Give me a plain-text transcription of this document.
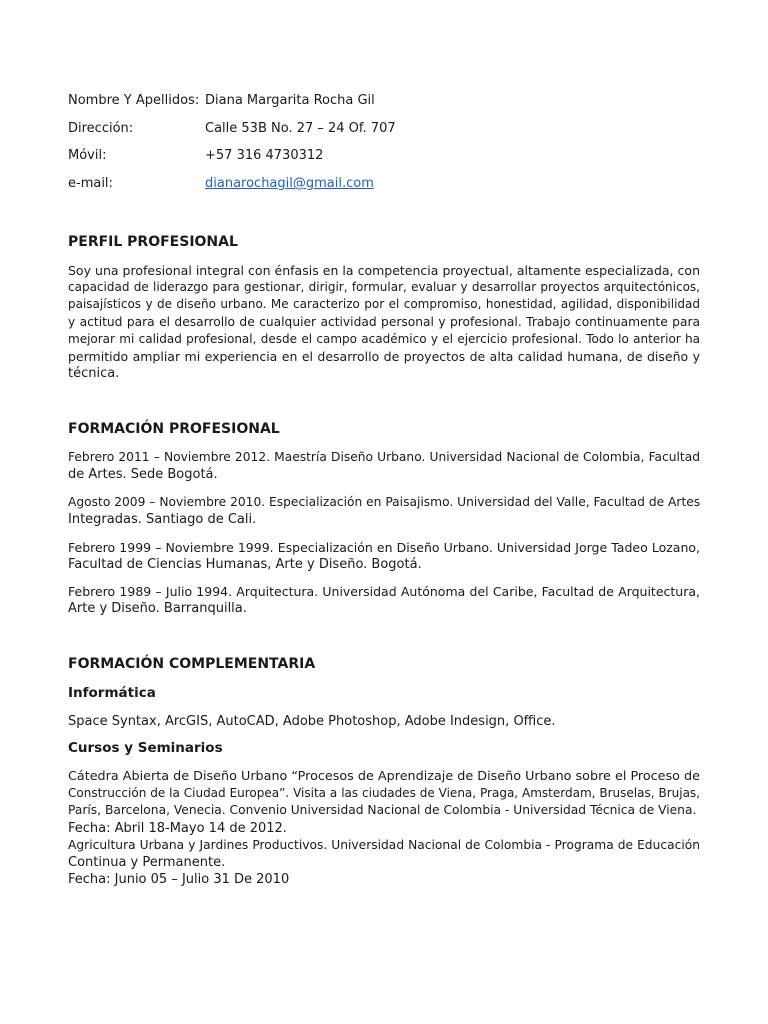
Nombre Y Apellidos: Diana Margarita Rocha Gil
Dirección:	Calle 53B No. 27 – 24 Of. 707
Móvil:	+57 316 4730312
e-mail:	dianarochagil@gmail.com
PERFIL PROFESIONAL
Soy una profesional integral con énfasis en la competencia proyectual, altamente especializada, con
capacidad de liderazgo para gestionar, dirigir, formular, evaluar y desarrollar proyectos arquitectónicos,
paisajísticos y de diseño urbano. Me caracterizo por el compromiso, honestidad, agilidad, disponibilidad
y actitud para el desarrollo de cualquier actividad personal y profesional. Trabajo continuamente para
mejorar mi calidad profesional, desde el campo académico y el ejercicio profesional. Todo lo anterior ha
permitido ampliar mi experiencia en el desarrollo de proyectos de alta calidad humana, de diseño y
técnica.
FORMACIÓN PROFESIONAL
Febrero 2011 – Noviembre 2012. Maestría Diseño Urbano. Universidad Nacional de Colombia, Facultad
de Artes. Sede Bogotá.
Agosto 2009 – Noviembre 2010. Especialización en Paisajismo. Universidad del Valle, Facultad de Artes
Integradas. Santiago de Cali.
Febrero 1999 – Noviembre 1999. Especialización en Diseño Urbano. Universidad Jorge Tadeo Lozano,
Facultad de Ciencias Humanas, Arte y Diseño. Bogotá.
Febrero 1989 – Julio 1994. Arquitectura. Universidad Autónoma del Caribe, Facultad de Arquitectura,
Arte y Diseño. Barranquilla.
FORMACIÓN COMPLEMENTARIA
Informática
Space Syntax, ArcGIS, AutoCAD, Adobe Photoshop, Adobe Indesign, Office.
Cursos y Seminarios
Cátedra Abierta de Diseño Urbano “Procesos de Aprendizaje de Diseño Urbano sobre el Proceso de
Construcción de la Ciudad Europea”. Visita a las ciudades de Viena, Praga, Amsterdam, Bruselas, Brujas,
París, Barcelona, Venecia. Convenio Universidad Nacional de Colombia - Universidad Técnica de Viena.
Fecha: Abril 18-Mayo 14 de 2012.
Agricultura Urbana y Jardines Productivos. Universidad Nacional de Colombia - Programa de Educación
Continua y Permanente.
Fecha: Junio 05 – Julio 31 De 2010
